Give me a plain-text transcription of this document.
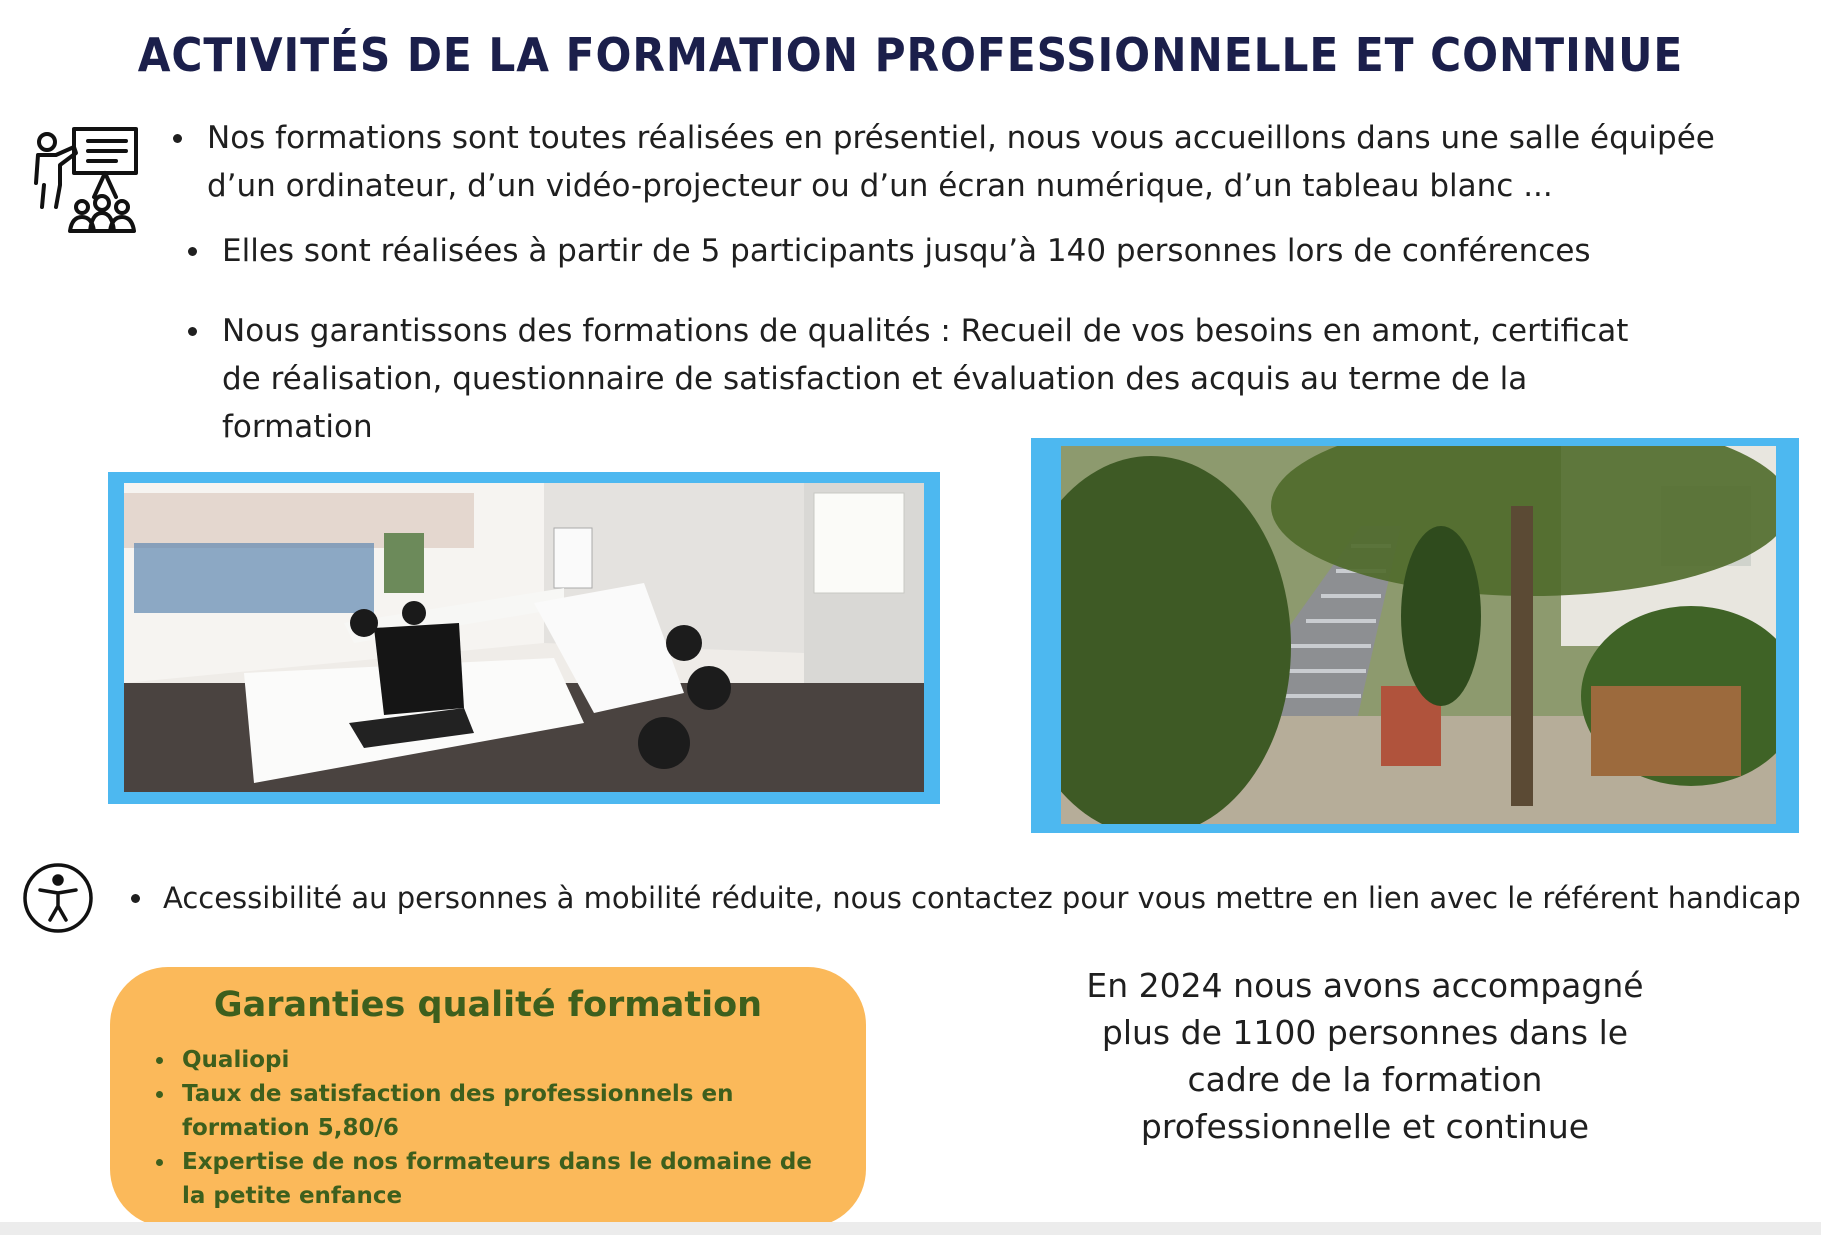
ACTIVITÉS DE LA FORMATION PROFESSIONNELLE ET CONTINUE
Nos formations sont toutes réalisées en présentiel, nous vous accueillons dans une salle équipée d’un ordinateur, d’un vidéo-projecteur ou d’un écran numérique, d’un tableau blanc ...
Elles sont réalisées à partir de 5 participants jusqu’à 140 personnes lors de conférences
Nous garantissons des formations de qualités : Recueil de vos besoins en amont, certificat de réalisation, questionnaire de satisfaction et évaluation des acquis au terme de la formation

Accessibilité au personnes à mobilité réduite, nous contactez pour vous mettre en lien avec le référent handicap

Garanties qualité formation
Qualiopi
Taux de satisfaction des professionnels en formation 5,80/6
Expertise de nos formateurs dans le domaine de la petite enfance

En 2024 nous avons accompagné plus de 1100 personnes dans le cadre de la formation professionnelle et continue
